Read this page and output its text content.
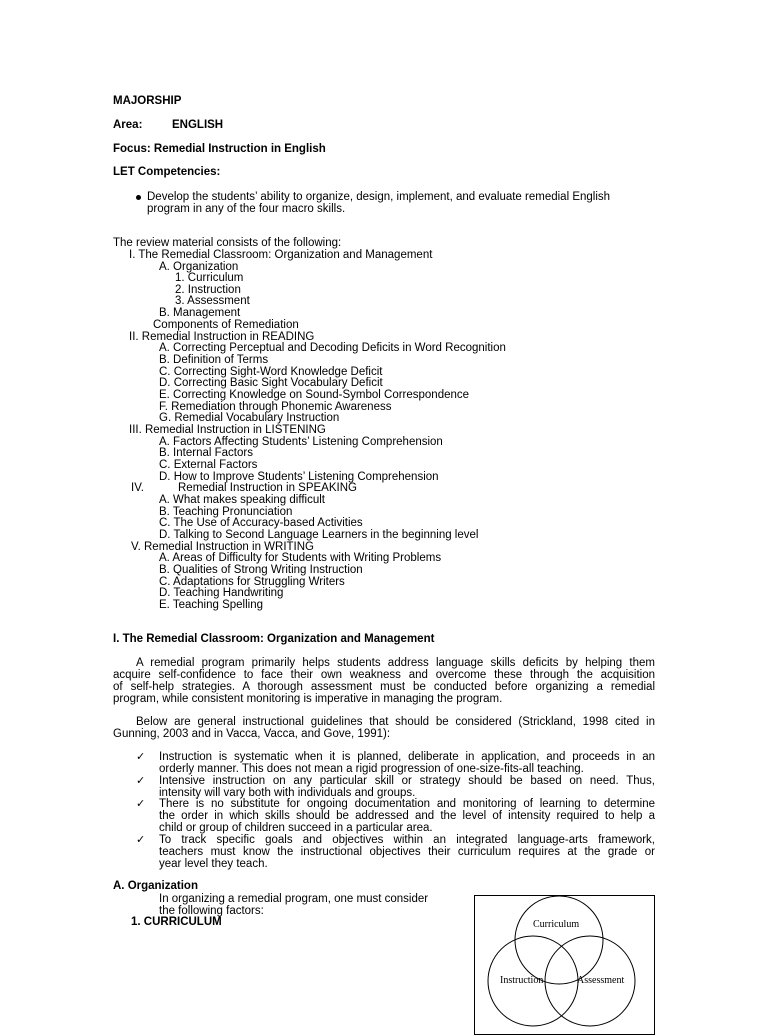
MAJORSHIP
Area:	ENGLISH
Focus: Remedial Instruction in English
LET Competencies:
Develop the students’ ability to organize, design, implement, and evaluate remedial English
program in any of the four macro skills.
The review material consists of the following:
I. The Remedial Classroom: Organization and Management
A. Organization
1. Curriculum
2. Instruction
3. Assessment
B. Management
Components of Remediation
II. Remedial Instruction in READING
A. Correcting Perceptual and Decoding Deficits in Word Recognition
B. Definition of Terms
C. Correcting Sight-Word Knowledge Deficit
D. Correcting Basic Sight Vocabulary Deficit
E. Correcting Knowledge on Sound-Symbol Correspondence
F. Remediation through Phonemic Awareness
G. Remedial Vocabulary Instruction
III. Remedial Instruction in LISTENING
A. Factors Affecting Students’ Listening Comprehension
B. Internal Factors
C. External Factors
D. How to Improve Students’ Listening Comprehension
IV.	Remedial Instruction in SPEAKING
A. What makes speaking difficult
B. Teaching Pronunciation
C. The Use of Accuracy-based Activities
D. Talking to Second Language Learners in the beginning level
V. Remedial Instruction in WRITING
A. Areas of Difficulty for Students with Writing Problems
B. Qualities of Strong Writing Instruction
C. Adaptations for Struggling Writers
D. Teaching Handwriting
E. Teaching Spelling
I. The Remedial Classroom: Organization and Management
A remedial program primarily helps students address language skills deficits by helping them
acquire self-confidence to face their own weakness and overcome these through the acquisition
of self-help strategies. A thorough assessment must be conducted before organizing a remedial
program, while consistent monitoring is imperative in managing the program.
Below are general instructional guidelines that should be considered (Strickland, 1998 cited in
Gunning, 2003 and in Vacca, Vacca, and Gove, 1991):
✓ Instruction is systematic when it is planned, deliberate in application, and proceeds in an
orderly manner. This does not mean a rigid progression of one-size-fits-all teaching.
✓ Intensive instruction on any particular skill or strategy should be based on need. Thus,
intensity will vary both with individuals and groups.
✓ There is no substitute for ongoing documentation and monitoring of learning to determine
the order in which skills should be addressed and the level of intensity required to help a
child or group of children succeed in a particular area.
✓ To track specific goals and objectives within an integrated language-arts framework,
teachers must know the instructional objectives their curriculum requires at the grade or
year level they teach.
A. Organization
In organizing a remedial program, one must consider
the following factors:
1. CURRICULUM	Curriculum
Instruction	Assessment
